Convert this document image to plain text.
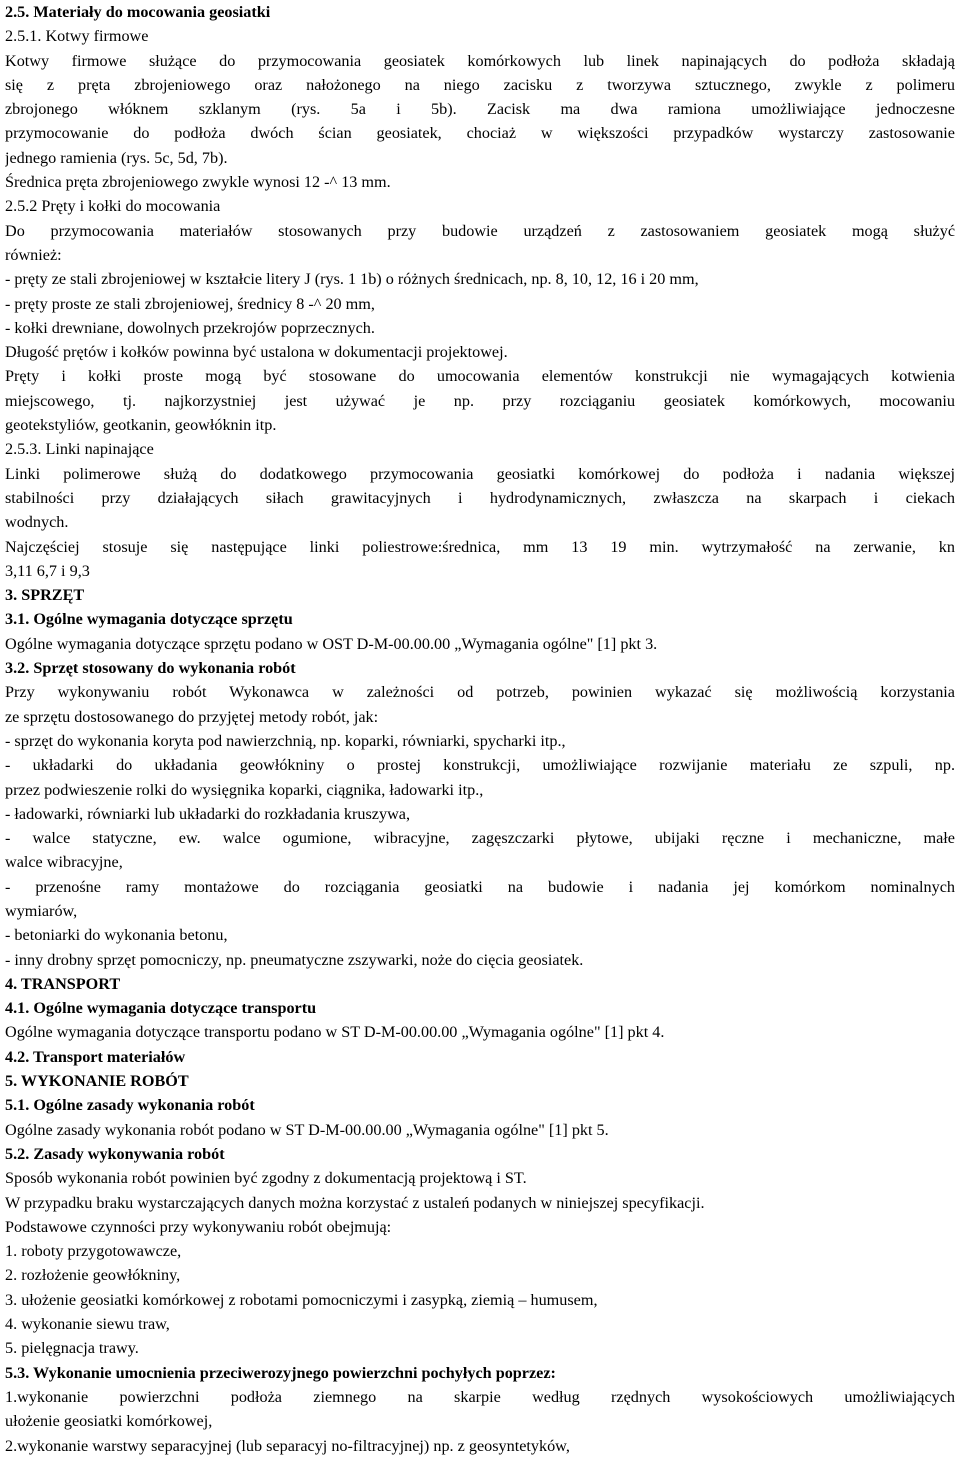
2.5. Materiały do mocowania geosiatki
2.5.1. Kotwy firmowe
Kotwy firmowe służące do przymocowania geosiatek komórkowych lub linek napinających do podłoża składają
się z pręta zbrojeniowego oraz nałożonego na niego zacisku z tworzywa sztucznego, zwykle z polimeru
zbrojonego włóknem szklanym (rys. 5a i 5b). Zacisk ma dwa ramiona umożliwiające jednoczesne
przymocowanie do podłoża dwóch ścian geosiatek, chociaż w większości przypadków wystarczy zastosowanie
jednego ramienia (rys. 5c, 5d, 7b).
Średnica pręta zbrojeniowego zwykle wynosi 12 -^ 13 mm.
2.5.2 Pręty i kołki do mocowania
Do przymocowania materiałów stosowanych przy budowie urządzeń z zastosowaniem geosiatek mogą służyć
również:
- pręty ze stali zbrojeniowej w kształcie litery J (rys. 1 1b) o różnych średnicach, np. 8, 10, 12, 16 i 20 mm,
- pręty proste ze stali zbrojeniowej, średnicy 8 -^ 20 mm,
- kołki drewniane, dowolnych przekrojów poprzecznych.
Długość prętów i kołków powinna być ustalona w dokumentacji projektowej.
Pręty i kołki proste mogą być stosowane do umocowania elementów konstrukcji nie wymagających kotwienia
miejscowego, tj. najkorzystniej jest używać je np. przy rozciąganiu geosiatek komórkowych, mocowaniu
geotekstyliów, geotkanin, geowłóknin itp.
2.5.3. Linki napinające
Linki polimerowe służą do dodatkowego przymocowania geosiatki komórkowej do podłoża i nadania większej
stabilności przy działających siłach grawitacyjnych i hydrodynamicznych, zwłaszcza na skarpach i ciekach
wodnych.
Najczęściej stosuje się następujące linki poliestrowe:średnica, mm 13 19 min. wytrzymałość na zerwanie, kn
3,11 6,7 i 9,3
3. SPRZĘT
3.1. Ogólne wymagania dotyczące sprzętu
Ogólne wymagania dotyczące sprzętu podano w OST D-M-00.00.00 „Wymagania ogólne" [1] pkt 3.
3.2. Sprzęt stosowany do wykonania robót
Przy wykonywaniu robót Wykonawca w zależności od potrzeb, powinien wykazać się możliwością korzystania
ze sprzętu dostosowanego do przyjętej metody robót, jak:
- sprzęt do wykonania koryta pod nawierzchnią, np. koparki, równiarki, spycharki itp.,
- układarki do układania geowłókniny o prostej konstrukcji, umożliwiające rozwijanie materiału ze szpuli, np.
przez podwieszenie rolki do wysięgnika koparki, ciągnika, ładowarki itp.,
- ładowarki, równiarki lub układarki do rozkładania kruszywa,
- walce statyczne, ew. walce ogumione, wibracyjne, zagęszczarki płytowe, ubijaki ręczne i mechaniczne, małe
walce wibracyjne,
- przenośne ramy montażowe do rozciągania geosiatki na budowie i nadania jej komórkom nominalnych
wymiarów,
- betoniarki do wykonania betonu,
- inny drobny sprzęt pomocniczy, np. pneumatyczne zszywarki, noże do cięcia geosiatek.
4. TRANSPORT
4.1. Ogólne wymagania dotyczące transportu
Ogólne wymagania dotyczące transportu podano w ST D-M-00.00.00 „Wymagania ogólne" [1] pkt 4.
4.2. Transport materiałów
5. WYKONANIE ROBÓT
5.1. Ogólne zasady wykonania robót
Ogólne zasady wykonania robót podano w ST D-M-00.00.00 „Wymagania ogólne" [1] pkt 5.
5.2. Zasady wykonywania robót
Sposób wykonania robót powinien być zgodny z dokumentacją projektową i ST.
W przypadku braku wystarczających danych można korzystać z ustaleń podanych w niniejszej specyfikacji.
Podstawowe czynności przy wykonywaniu robót obejmują:
1. roboty przygotowawcze,
2. rozłożenie geowłókniny,
3. ułożenie geosiatki komórkowej z robotami pomocniczymi i zasypką, ziemią – humusem,
4. wykonanie siewu traw,
5. pielęgnacja trawy.
5.3. Wykonanie umocnienia przeciwerozyjnego powierzchni pochyłych poprzez:
1.wykonanie powierzchni podłoża ziemnego na skarpie według rzędnych wysokościowych umożliwiających
ułożenie geosiatki komórkowej,
2.wykonanie warstwy separacyjnej (lub separacyj no-filtracyjnej) np. z geosyntetyków,
